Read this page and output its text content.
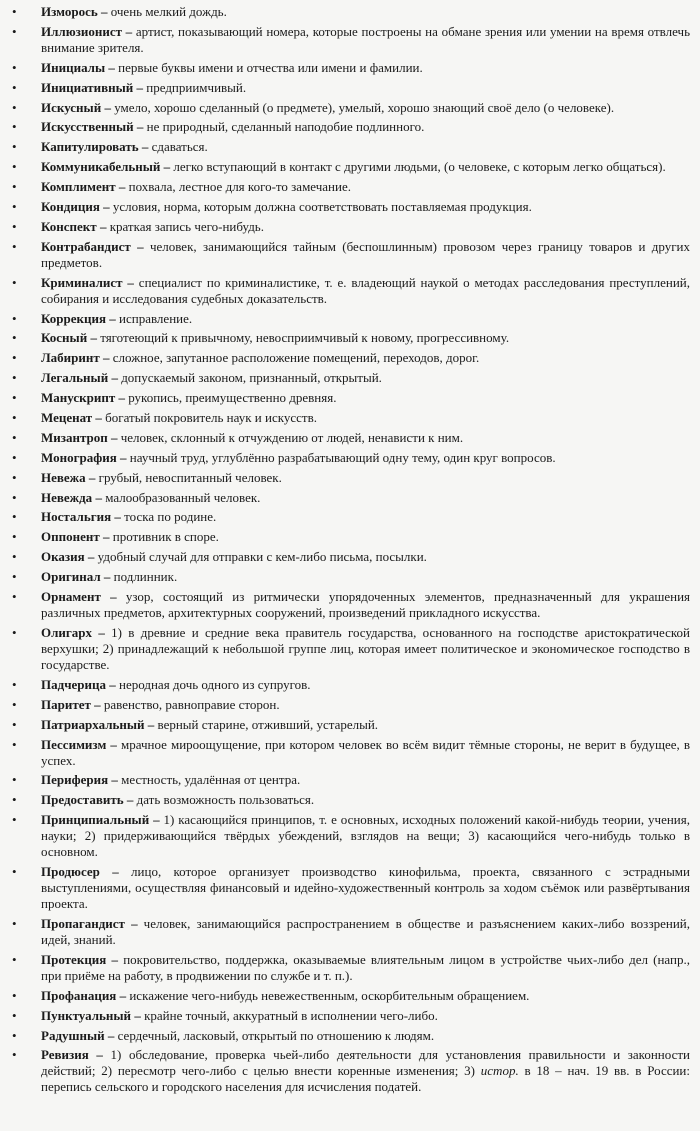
• Изморось – очень мелкий дождь.
• Иллюзионист – артист, показывающий номера, которые построены на обмане зрения или умении на время отвлечь внимание зрителя.
• Инициалы – первые буквы имени и отчества или имени и фамилии.
• Инициативный – предприимчивый.
• Искусный – умело, хорошо сделанный (о предмете), умелый, хорошо знающий своё дело (о человеке).
• Искусственный – не природный, сделанный наподобие подлинного.
• Капитулировать – сдаваться.
• Коммуникабельный – легко вступающий в контакт с другими людьми, (о человеке, с которым легко общаться).
• Комплимент – похвала, лестное для кого-то замечание.
• Кондиция – условия, норма, которым должна соответствовать поставляемая продукция.
• Конспект – краткая запись чего-нибудь.
• Контрабандист – человек, занимающийся тайным (беспошлинным) провозом через границу товаров и других предметов.
• Криминалист – специалист по криминалистике, т. е. владеющий наукой о методах расследования преступлений, собирания и исследования судебных доказательств.
• Коррекция – исправление.
• Косный – тяготеющий к привычному, невосприимчивый к новому, прогрессивному.
• Лабиринт – сложное, запутанное расположение помещений, переходов, дорог.
• Легальный – допускаемый законом, признанный, открытый.
• Манускрипт – рукопись, преимущественно древняя.
• Меценат – богатый покровитель наук и искусств.
• Мизантроп – человек, склонный к отчуждению от людей, ненависти к ним.
• Монография – научный труд, углублённо разрабатывающий одну тему, один круг вопросов.
• Невежа – грубый, невоспитанный человек.
• Невежда – малообразованный человек.
• Ностальгия – тоска по родине.
• Оппонент – противник в споре.
• Оказия – удобный случай для отправки с кем-либо письма, посылки.
• Оригинал – подлинник.
• Орнамент – узор, состоящий из ритмически упорядоченных элементов, предназначенный для украшения различных предметов, архитектурных сооружений, произведений прикладного искусства.
• Олигарх – 1) в древние и средние века правитель государства, основанного на господстве аристократической верхушки; 2) принадлежащий к небольшой группе лиц, которая имеет политическое и экономическое господство в государстве.
• Падчерица – неродная дочь одного из супругов.
• Паритет – равенство, равноправие сторон.
• Патриархальный – верный старине, отживший, устарелый.
• Пессимизм – мрачное мироощущение, при котором человек во всём видит тёмные стороны, не верит в будущее, в успех.
• Периферия – местность, удалённая от центра.
• Предоставить – дать возможность пользоваться.
• Принципиальный – 1) касающийся принципов, т. е основных, исходных положений какой-нибудь теории, учения, науки; 2) придерживающийся твёрдых убеждений, взглядов на вещи; 3) касающийся чего-нибудь только в основном.
• Продюсер – лицо, которое организует производство кинофильма, проекта, связанного с эстрадными выступлениями, осуществляя финансовый и идейно-художественный контроль за ходом съёмок или развёртывания проекта.
• Пропагандист – человек, занимающийся распространением в обществе и разъяснением каких-либо воззрений, идей, знаний.
• Протекция – покровительство, поддержка, оказываемые влиятельным лицом в устройстве чьих-либо дел (напр., при приёме на работу, в продвижении по службе и т. п.).
• Профанация – искажение чего-нибудь невежественным, оскорбительным обращением.
• Пунктуальный – крайне точный, аккуратный в исполнении чего-либо.
• Радушный – сердечный, ласковый, открытый по отношению к людям.
• Ревизия – 1) обследование, проверка чьей-либо деятельности для установления правильности и законности действий; 2) пересмотр чего-либо с целью внести коренные изменения; 3) истор. в 18 – нач. 19 вв. в России: перепись сельского и городского населения для исчисления податей.
